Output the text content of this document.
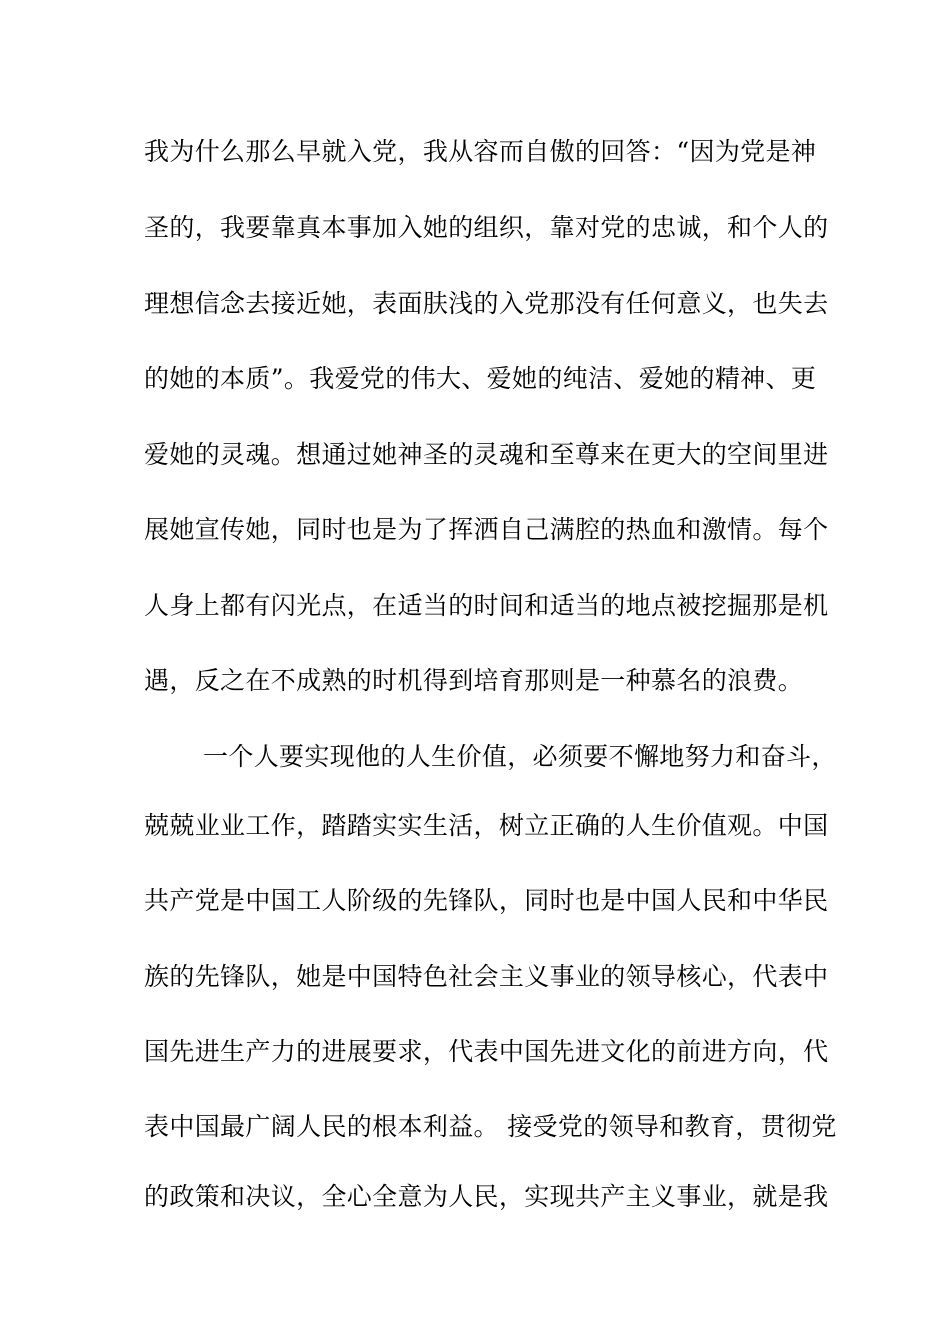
我为什么那么早就入党，我从容而自傲的回答：“因为党是神
圣的，我要靠真本事加入她的组织，靠对党的忠诚，和个人的
理想信念去接近她，表面肤浅的入党那没有任何意义，也失去
的她的本质”。我爱党的伟大、爱她的纯洁、爱她的精神、更
爱她的灵魂。想通过她神圣的灵魂和至尊来在更大的空间里进
展她宣传她，同时也是为了挥洒自己满腔的热血和激情。每个
人身上都有闪光点，在适当的时间和适当的地点被挖掘那是机
遇，反之在不成熟的时机得到培育那则是一种慕名的浪费。
一个人要实现他的人生价值，必须要不懈地努力和奋斗，
兢兢业业工作，踏踏实实生活，树立正确的人生价值观。中国
共产党是中国工人阶级的先锋队，同时也是中国人民和中华民
族的先锋队，她是中国特色社会主义事业的领导核心，代表中
国先进生产力的进展要求，代表中国先进文化的前进方向，代
表中国最广阔人民的根本利益。 接受党的领导和教育，贯彻党
的政策和决议，全心全意为人民，实现共产主义事业，就是我
